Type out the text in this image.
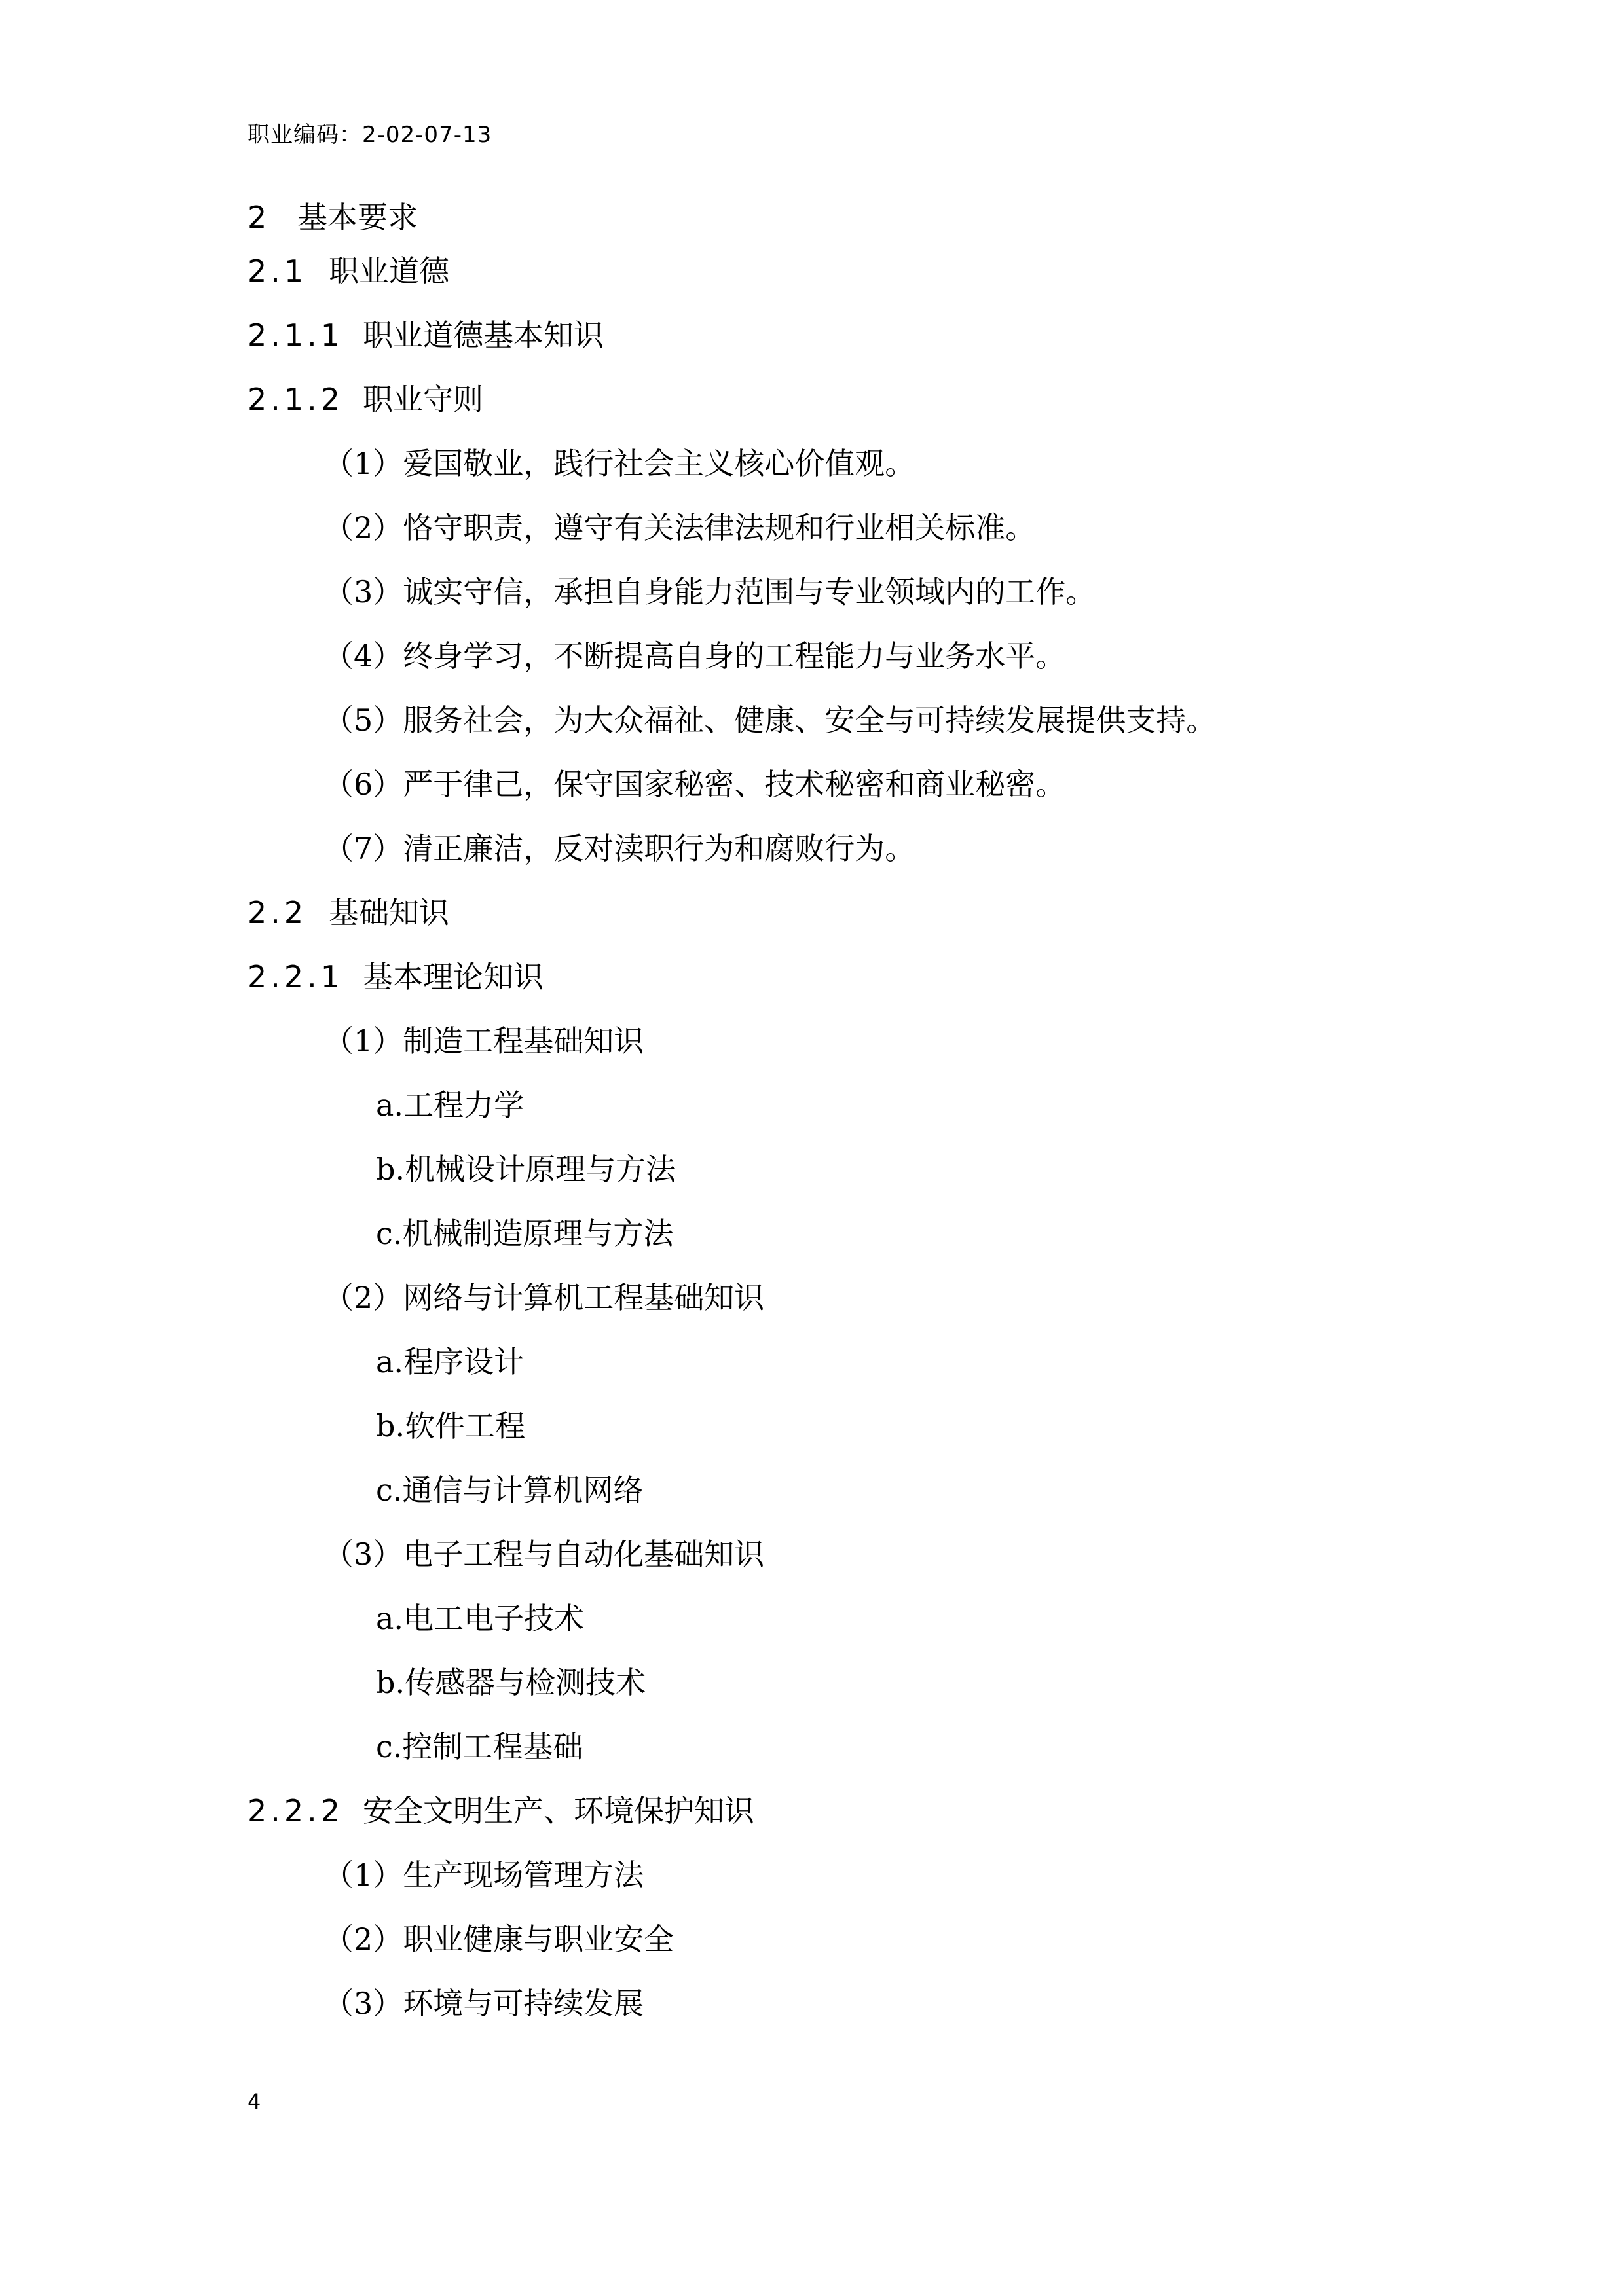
职业编码：2-02-07-13
2 基本要求
2.1 职业道德
2.1.1 职业道德基本知识
2.1.2 职业守则
（1）爱国敬业，践行社会主义核心价值观。
（2）恪守职责，遵守有关法律法规和行业相关标准。
（3）诚实守信，承担自身能力范围与专业领域内的工作。
（4）终身学习，不断提高自身的工程能力与业务水平。
（5）服务社会，为大众福祉、健康、安全与可持续发展提供支持。
（6）严于律己，保守国家秘密、技术秘密和商业秘密。
（7）清正廉洁，反对渎职行为和腐败行为。
2.2 基础知识
2.2.1 基本理论知识
（1）制造工程基础知识
a.工程力学
b.机械设计原理与方法
c.机械制造原理与方法
（2）网络与计算机工程基础知识
a.程序设计
b.软件工程
c.通信与计算机网络
（3）电子工程与自动化基础知识
a.电工电子技术
b.传感器与检测技术
c.控制工程基础
2.2.2 安全文明生产、环境保护知识
（1）生产现场管理方法
（2）职业健康与职业安全
（3）环境与可持续发展
4
